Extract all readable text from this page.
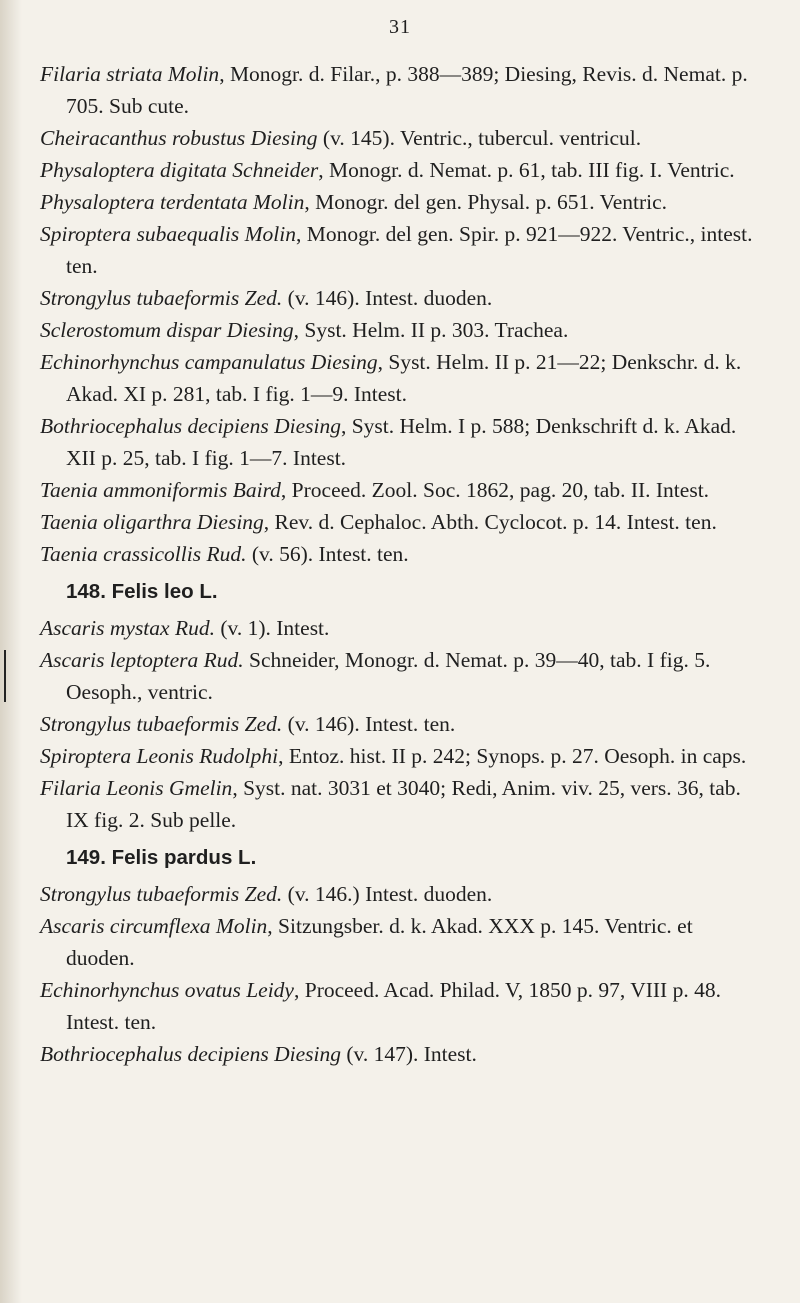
31

Filaria striata Molin, Monogr. d. Filar., p. 388—389; Diesing, Revis. d. Nemat. p. 705. Sub cute.

Cheiracanthus robustus Diesing (v. 145). Ventric., tubercul. ventricul.

Physaloptera digitata Schneider, Monogr. d. Nemat. p. 61, tab. III fig. I. Ventric.

Physaloptera terdentata Molin, Monogr. del gen. Physal. p. 651. Ventric.

Spiroptera subaequalis Molin, Monogr. del gen. Spir. p. 921—922. Ventric., intest. ten.

Strongylus tubaeformis Zed. (v. 146). Intest. duoden.

Sclerostomum dispar Diesing, Syst. Helm. II p. 303. Trachea.

Echinorhynchus campanulatus Diesing, Syst. Helm. II p. 21—22; Denkschr. d. k. Akad. XI p. 281, tab. I fig. 1—9. Intest.

Bothriocephalus decipiens Diesing, Syst. Helm. I p. 588; Denkschrift d. k. Akad. XII p. 25, tab. I fig. 1—7. Intest.

Taenia ammoniformis Baird, Proceed. Zool. Soc. 1862, pag. 20, tab. II. Intest.

Taenia oligarthra Diesing, Rev. d. Cephaloc. Abth. Cyclocot. p. 14. Intest. ten.

Taenia crassicollis Rud. (v. 56). Intest. ten.

148. Felis leo L.

Ascaris mystax Rud. (v. 1). Intest.

Ascaris leptoptera Rud. Schneider, Monogr. d. Nemat. p. 39—40, tab. I fig. 5. Oesoph., ventric.

Strongylus tubaeformis Zed. (v. 146). Intest. ten.

Spiroptera Leonis Rudolphi, Entoz. hist. II p. 242; Synops. p. 27. Oesoph. in caps.

Filaria Leonis Gmelin, Syst. nat. 3031 et 3040; Redi, Anim. viv. 25, vers. 36, tab. IX fig. 2. Sub pelle.

149. Felis pardus L.

Strongylus tubaeformis Zed. (v. 146.) Intest. duoden.

Ascaris circumflexa Molin, Sitzungsber. d. k. Akad. XXX p. 145. Ventric. et duoden.

Echinorhynchus ovatus Leidy, Proceed. Acad. Philad. V, 1850 p. 97, VIII p. 48. Intest. ten.

Bothriocephalus decipiens Diesing (v. 147). Intest.
